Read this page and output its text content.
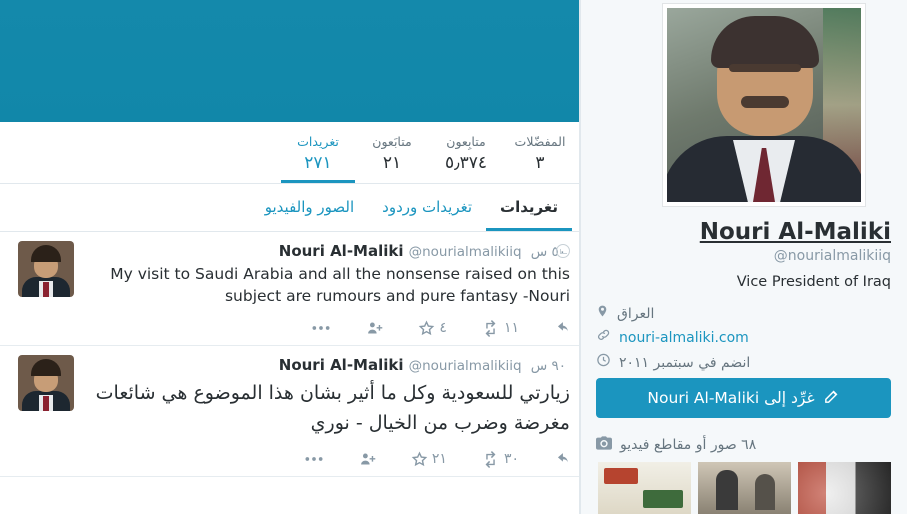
المفضّلات
٣
متابِعون
٥٫٣٧٤
متابَعون
٢١
تغريدات
٢٧١
تغريدات
تغريدات وردود
الصور والفيديو
٥٠ س @nourialmalikiiq Nouri Al-Maliki
My visit to Saudi Arabia and all the nonsense raised on this subject are rumours and pure fantasy -Nouri
١١
٤
٩٠ س @nourialmalikiiq Nouri Al-Maliki
زيارتي للسعودية وكل ما أثير بشان هذا الموضوع هي شائعات مغرضة وضرب من الخيال - نوري
٣٠
٢١
Nouri Al-Maliki
@nourialmalikiiq
Vice President of Iraq
العراق
nouri-almaliki.com
انضم في سبتمبر ٢٠١١
غرِّد إلى Nouri Al-Maliki
٦٨ صور أو مقاطع فيديو
